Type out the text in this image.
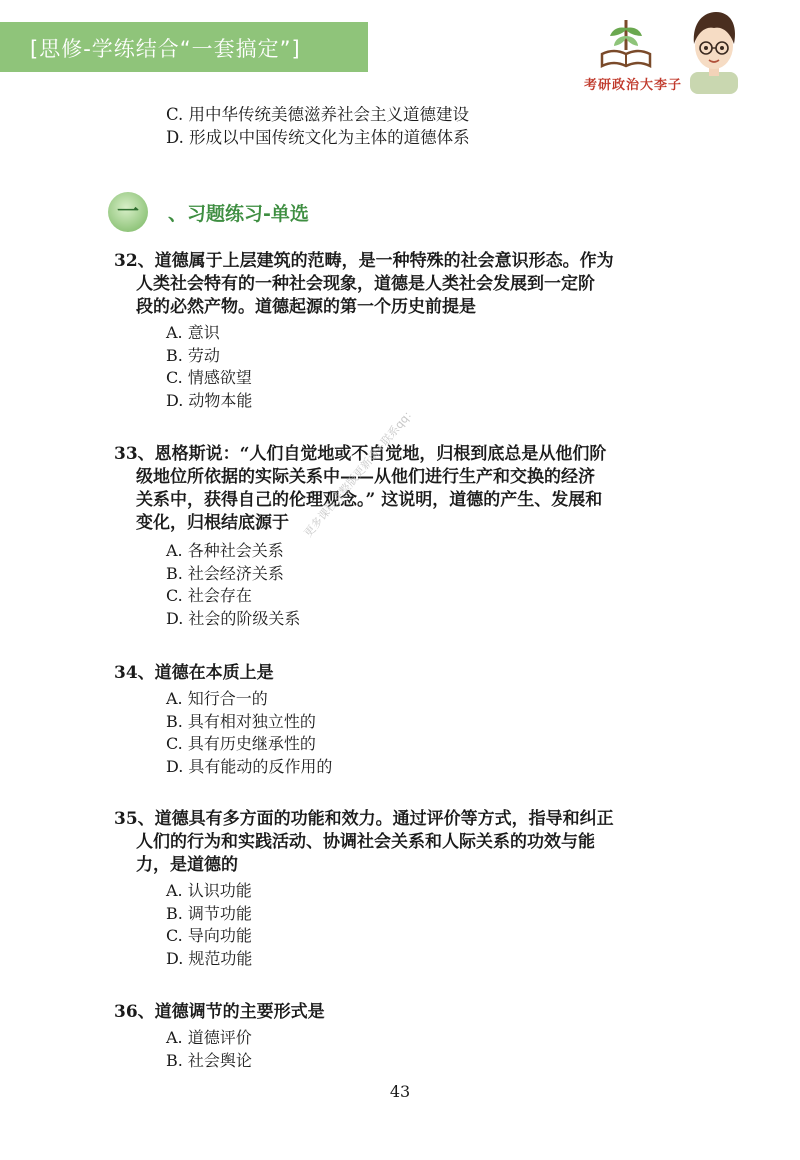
[思修-学练结合“一套搞定”]
考研政治大李子
C. 用中华传统美德滋养社会主义道德建设
D. 形成以中国传统文化为主体的道德体系
一 、习题练习-单选
32、道德属于上层建筑的范畴，是一种特殊的社会意识形态。作为
人类社会特有的一种社会现象，道德是人类社会发展到一定阶
段的必然产物。道德起源的第一个历史前提是
A. 意识
B. 劳动
C. 情感欲望
D. 动物本能
33、恩格斯说：“人们自觉地或不自觉地，归根到底总是从他们阶
级地位所依据的实际关系中——从他们进行生产和交换的经济
关系中，获得自己的伦理观念。” 这说明，道德的产生、发展和
变化，归根结底源于
A. 各种社会关系
B. 社会经济关系
C. 社会存在
D. 社会的阶级关系
34、道德在本质上是
A. 知行合一的
B. 具有相对独立性的
C. 具有历史继承性的
D. 具有能动的反作用的
35、道德具有多方面的功能和效力。通过评价等方式，指导和纠正
人们的行为和实践活动、协调社会关系和人际关系的功效与能
力，是道德的
A. 认识功能
B. 调节功能
C. 导向功能
D. 规范功能
36、道德调节的主要形式是
A. 道德评价
B. 社会舆论
更多课程完整版更新请+联系qq：
43
